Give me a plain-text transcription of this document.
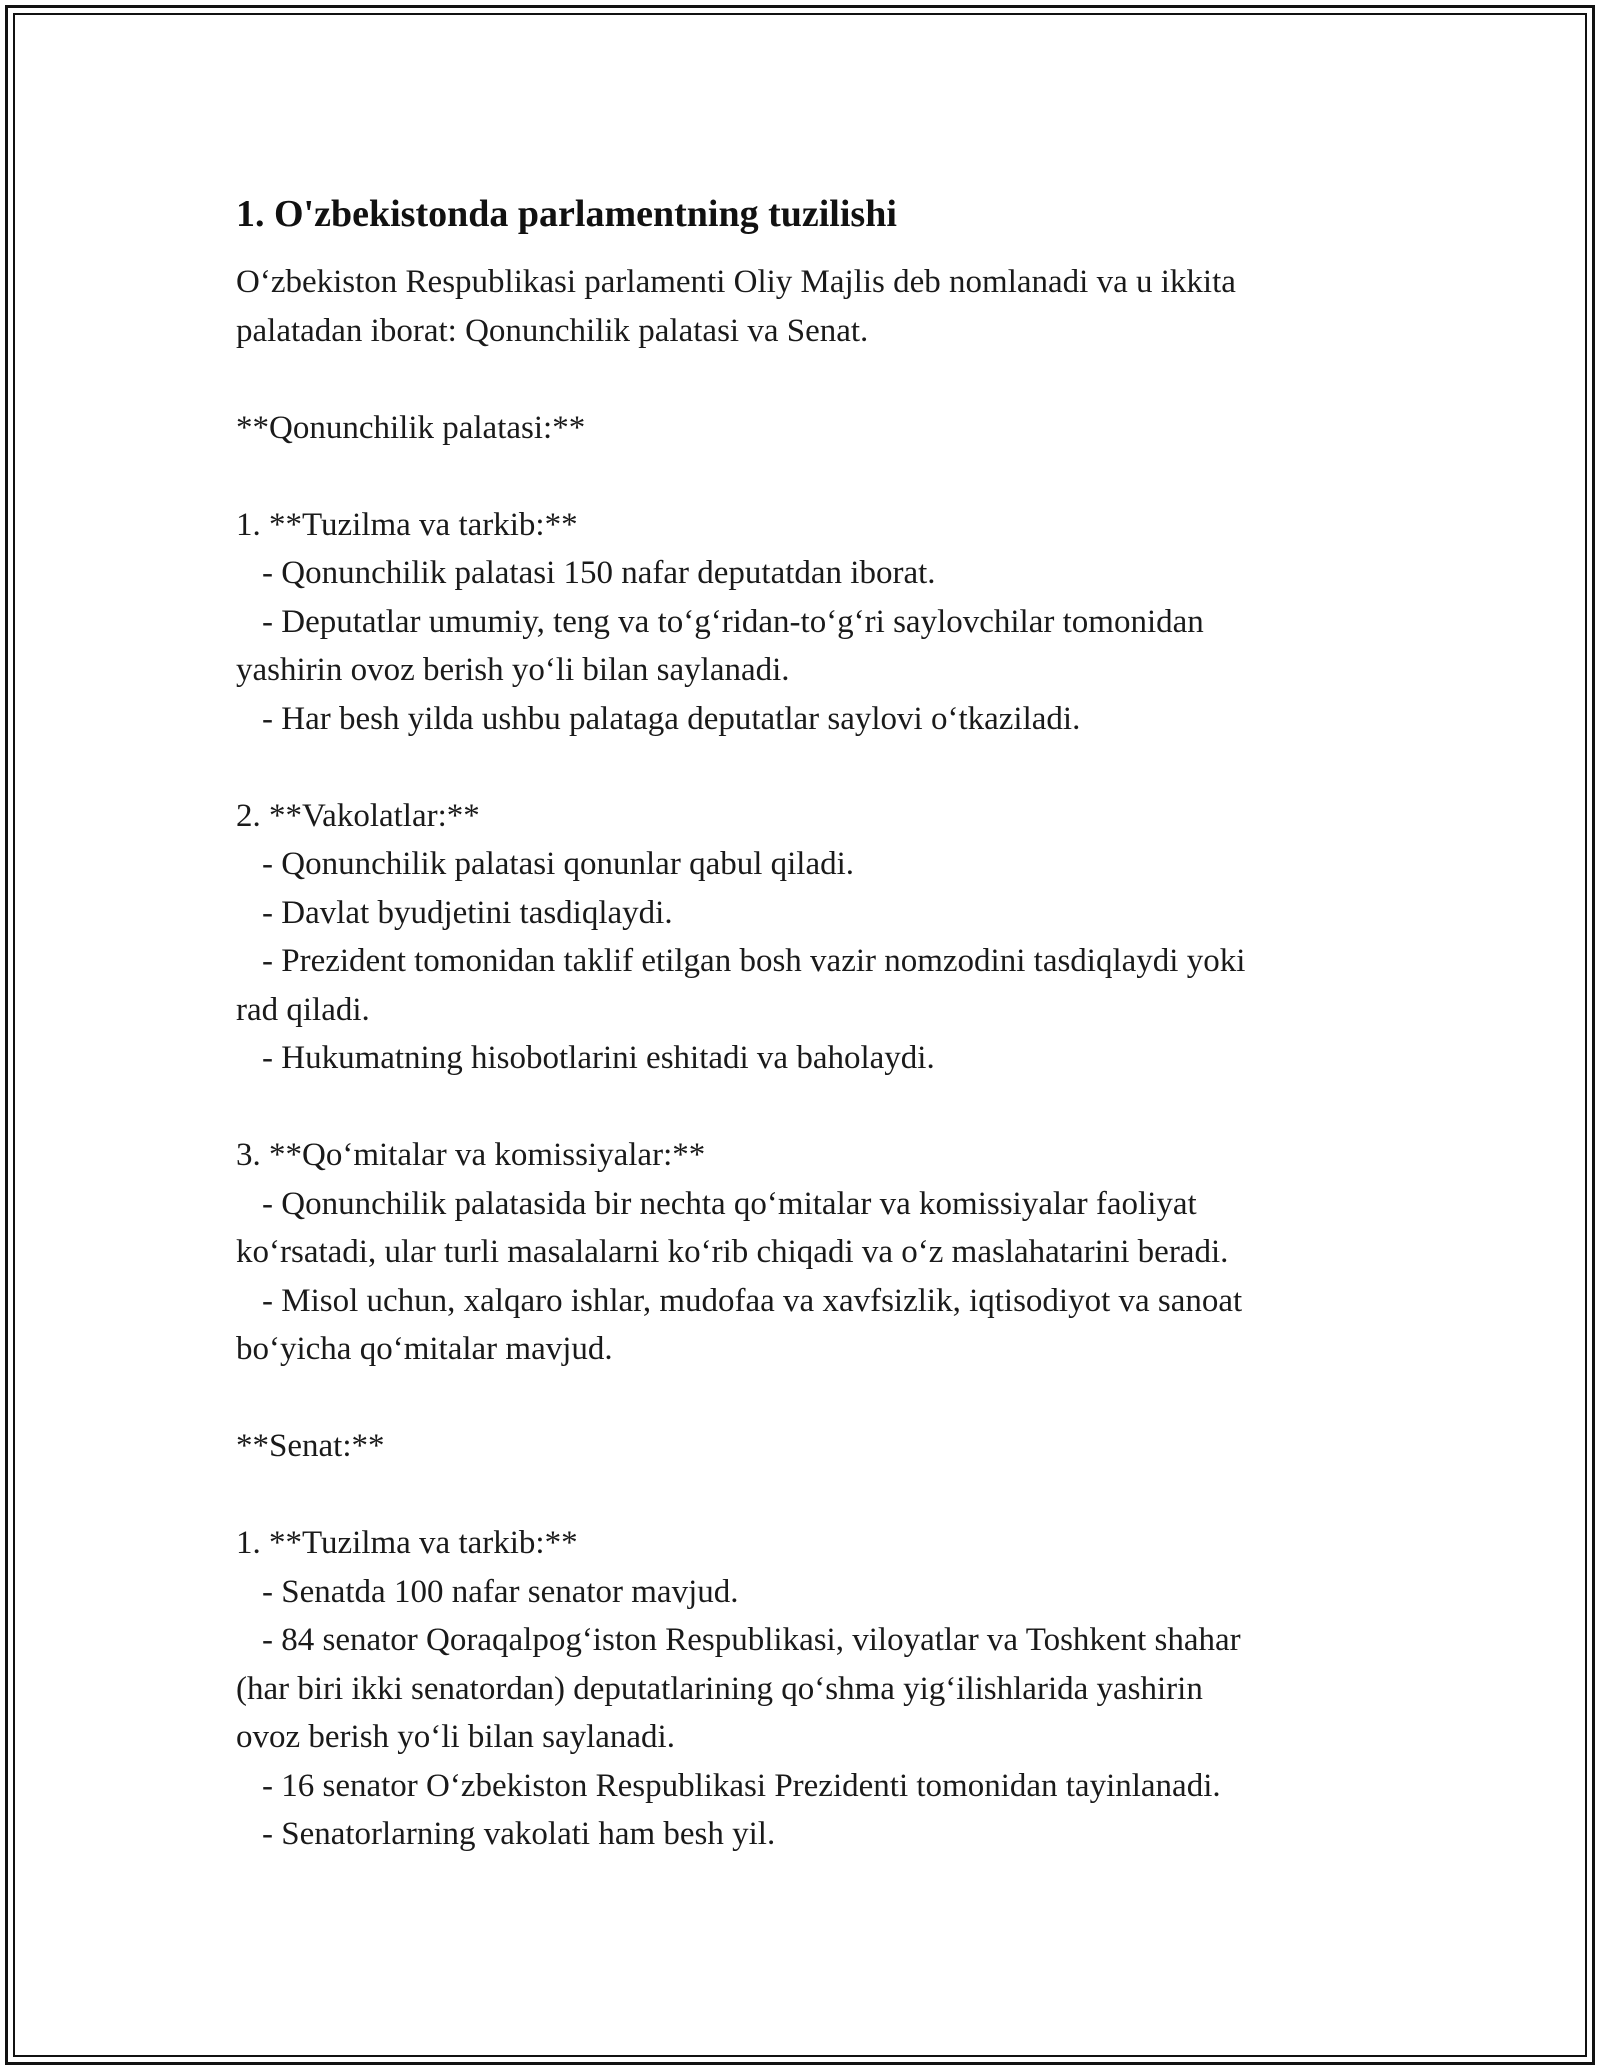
1. O'zbekistonda parlamentning tuzilishi

O‘zbekiston Respublikasi parlamenti Oliy Majlis deb nomlanadi va u ikkita

palatadan iborat: Qonunchilik palatasi va Senat.

**Qonunchilik palatasi:**

1. **Tuzilma va tarkib:**

- Qonunchilik palatasi 150 nafar deputatdan iborat.

- Deputatlar umumiy, teng va to‘g‘ridan-to‘g‘ri saylovchilar tomonidan

yashirin ovoz berish yo‘li bilan saylanadi.

- Har besh yilda ushbu palataga deputatlar saylovi o‘tkaziladi.

2. **Vakolatlar:**

- Qonunchilik palatasi qonunlar qabul qiladi.

- Davlat byudjetini tasdiqlaydi.

- Prezident tomonidan taklif etilgan bosh vazir nomzodini tasdiqlaydi yoki

rad qiladi.

- Hukumatning hisobotlarini eshitadi va baholaydi.

3. **Qo‘mitalar va komissiyalar:**

- Qonunchilik palatasida bir nechta qo‘mitalar va komissiyalar faoliyat

ko‘rsatadi, ular turli masalalarni ko‘rib chiqadi va o‘z maslahatarini beradi.

- Misol uchun, xalqaro ishlar, mudofaa va xavfsizlik, iqtisodiyot va sanoat

bo‘yicha qo‘mitalar mavjud.

**Senat:**

1. **Tuzilma va tarkib:**

- Senatda 100 nafar senator mavjud.

- 84 senator Qoraqalpog‘iston Respublikasi, viloyatlar va Toshkent shahar

(har biri ikki senatordan) deputatlarining qo‘shma yig‘ilishlarida yashirin

ovoz berish yo‘li bilan saylanadi.

- 16 senator O‘zbekiston Respublikasi Prezidenti tomonidan tayinlanadi.

- Senatorlarning vakolati ham besh yil.
